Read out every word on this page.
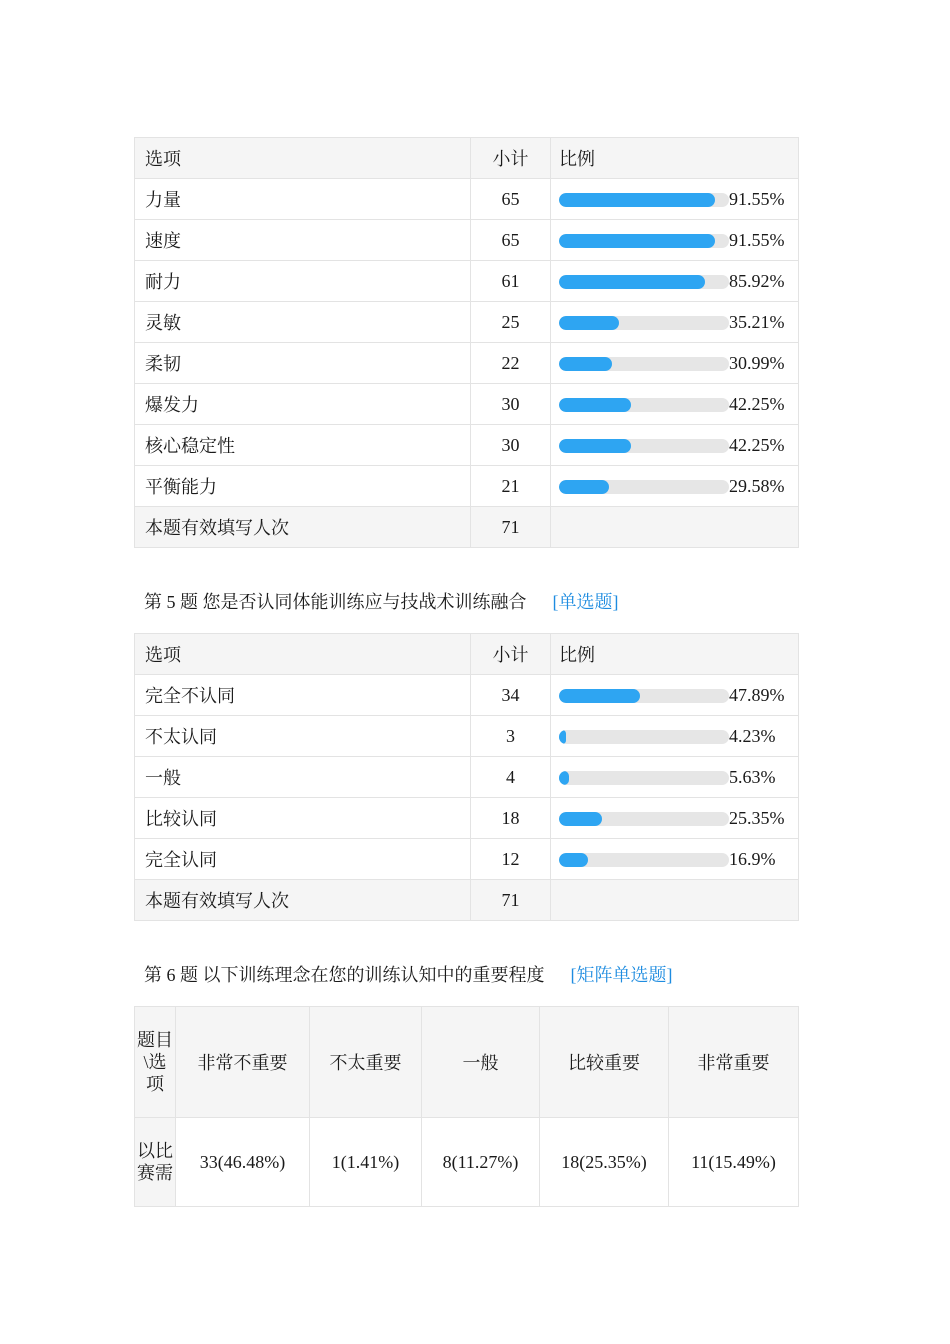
选项	小计	比例
力量	65	91.55%
速度	65	91.55%
耐力	61	85.92%
灵敏	25	35.21%
柔韧	22	30.99%
爆发力	30	42.25%
核心稳定性	30	42.25%
平衡能力	21	29.58%
本题有效填写人次	71	
第 5 题 您是否认同体能训练应与技战术训练融合 [单选题]
选项	小计	比例
完全不认同	34	47.89%
不太认同	3	4.23%
一般	4	5.63%
比较认同	18	25.35%
完全认同	12	16.9%
本题有效填写人次	71	
第 6 题 以下训练理念在您的训练认知中的重要程度 [矩阵单选题]
题目\选项	非常不重要	不太重要	一般	比较重要	非常重要
以比赛需	33(46.48%)	1(1.41%)	8(11.27%)	18(25.35%)	11(15.49%)
